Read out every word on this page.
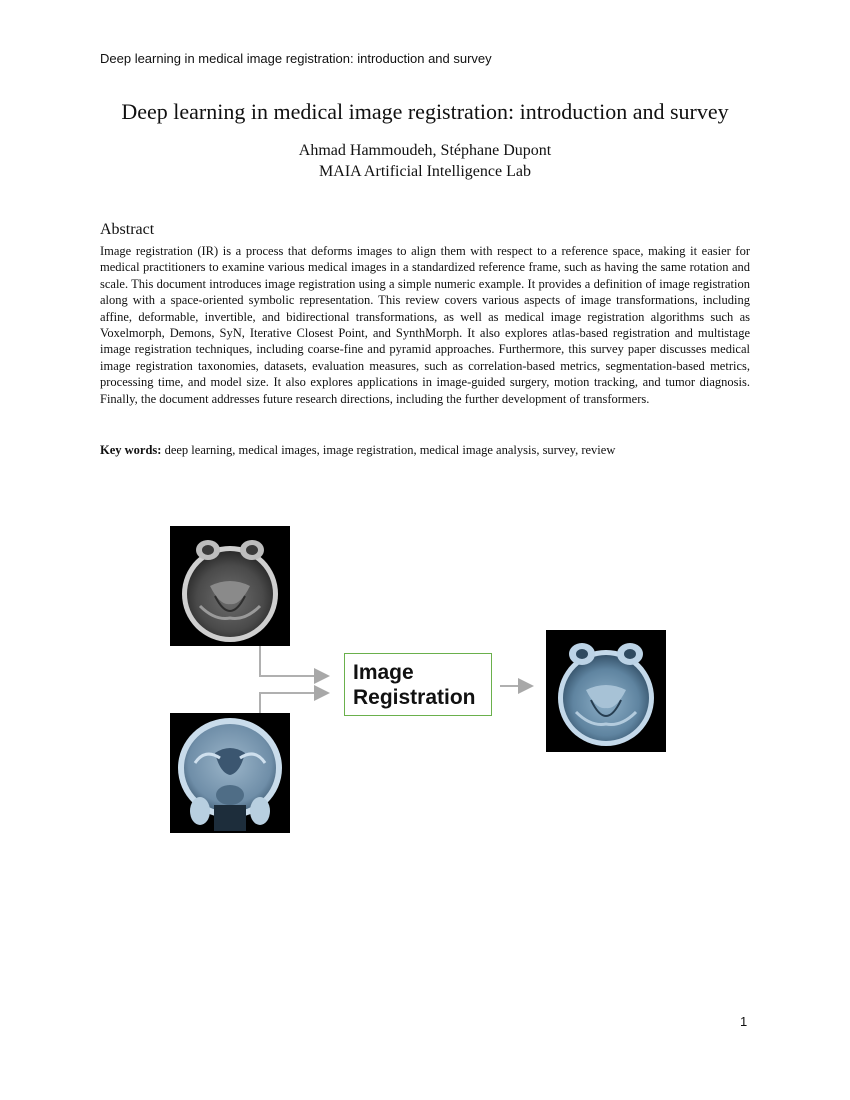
Deep learning in medical image registration: introduction and survey
Deep learning in medical image registration: introduction and survey
Ahmad Hammoudeh, Stéphane Dupont
MAIA Artificial Intelligence Lab
Abstract
Image registration (IR) is a process that deforms images to align them with respect to a reference space, making it easier for medical practitioners to examine various medical images in a standardized reference frame, such as having the same rotation and scale. This document introduces image registration using a simple numeric example. It provides a definition of image registration along with a space-oriented symbolic representation. This review covers various aspects of image transformations, including affine, deformable, invertible, and bidirectional transformations, as well as medical image registration algorithms such as Voxelmorph, Demons, SyN, Iterative Closest Point, and SynthMorph. It also explores atlas-based registration and multistage image registration techniques, including coarse-fine and pyramid approaches. Furthermore, this survey paper discusses medical image registration taxonomies, datasets, evaluation measures, such as correlation-based metrics, segmentation-based metrics, processing time, and model size. It also explores applications in image-guided surgery, motion tracking, and tumor diagnosis. Finally, the document addresses future research directions, including the further development of transformers.
Key words: deep learning, medical images, image registration, medical image analysis, survey, review
Image
Registration
1
